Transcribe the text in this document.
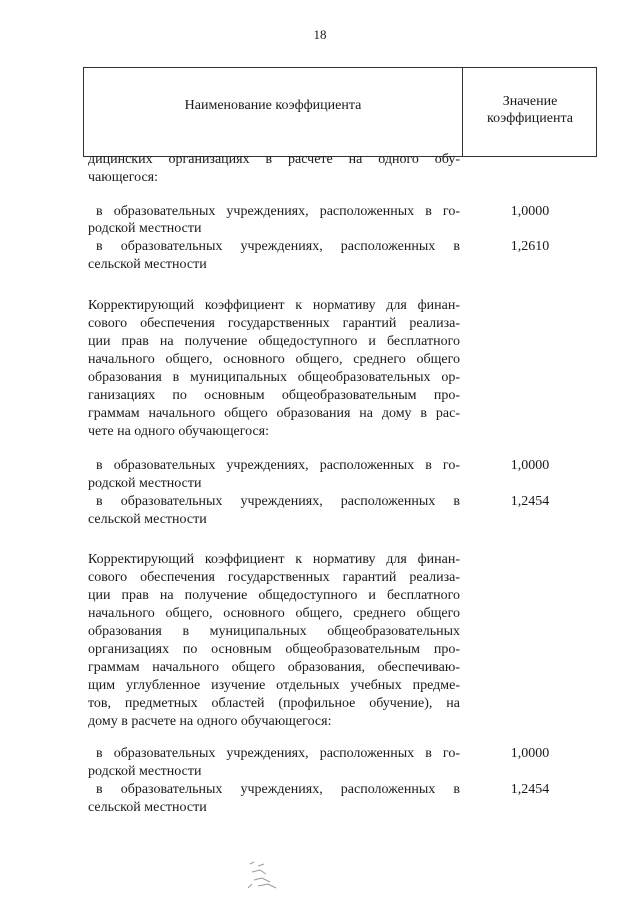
18
Наименование коэффициента	Значение
коэффициента
дицинских организациях в расчете на одного обу-
чающегося:
в образовательных учреждениях, расположенных в го-
родской местности
1,0000
в образовательных учреждениях, расположенных в
сельской местности
1,2610
Корректирующий коэффициент к нормативу для финан-
сового обеспечения государственных гарантий реализа-
ции прав на получение общедоступного и бесплатного
начального общего, основного общего, среднего общего
образования в муниципальных общеобразовательных ор-
ганизациях по основным общеобразовательным про-
граммам начального общего образования на дому в рас-
чете на одного обучающегося:
в образовательных учреждениях, расположенных в го-
родской местности
1,0000
в образовательных учреждениях, расположенных в
сельской местности
1,2454
Корректирующий коэффициент к нормативу для финан-
сового обеспечения государственных гарантий реализа-
ции прав на получение общедоступного и бесплатного
начального общего, основного общего, среднего общего
образования в муниципальных общеобразовательных
организациях по основным общеобразовательным про-
граммам начального общего образования, обеспечиваю-
щим углубленное изучение отдельных учебных предме-
тов, предметных областей (профильное обучение), на
дому в расчете на одного обучающегося:
в образовательных учреждениях, расположенных в го-
родской местности
1,0000
в образовательных учреждениях, расположенных в
сельской местности
1,2454
